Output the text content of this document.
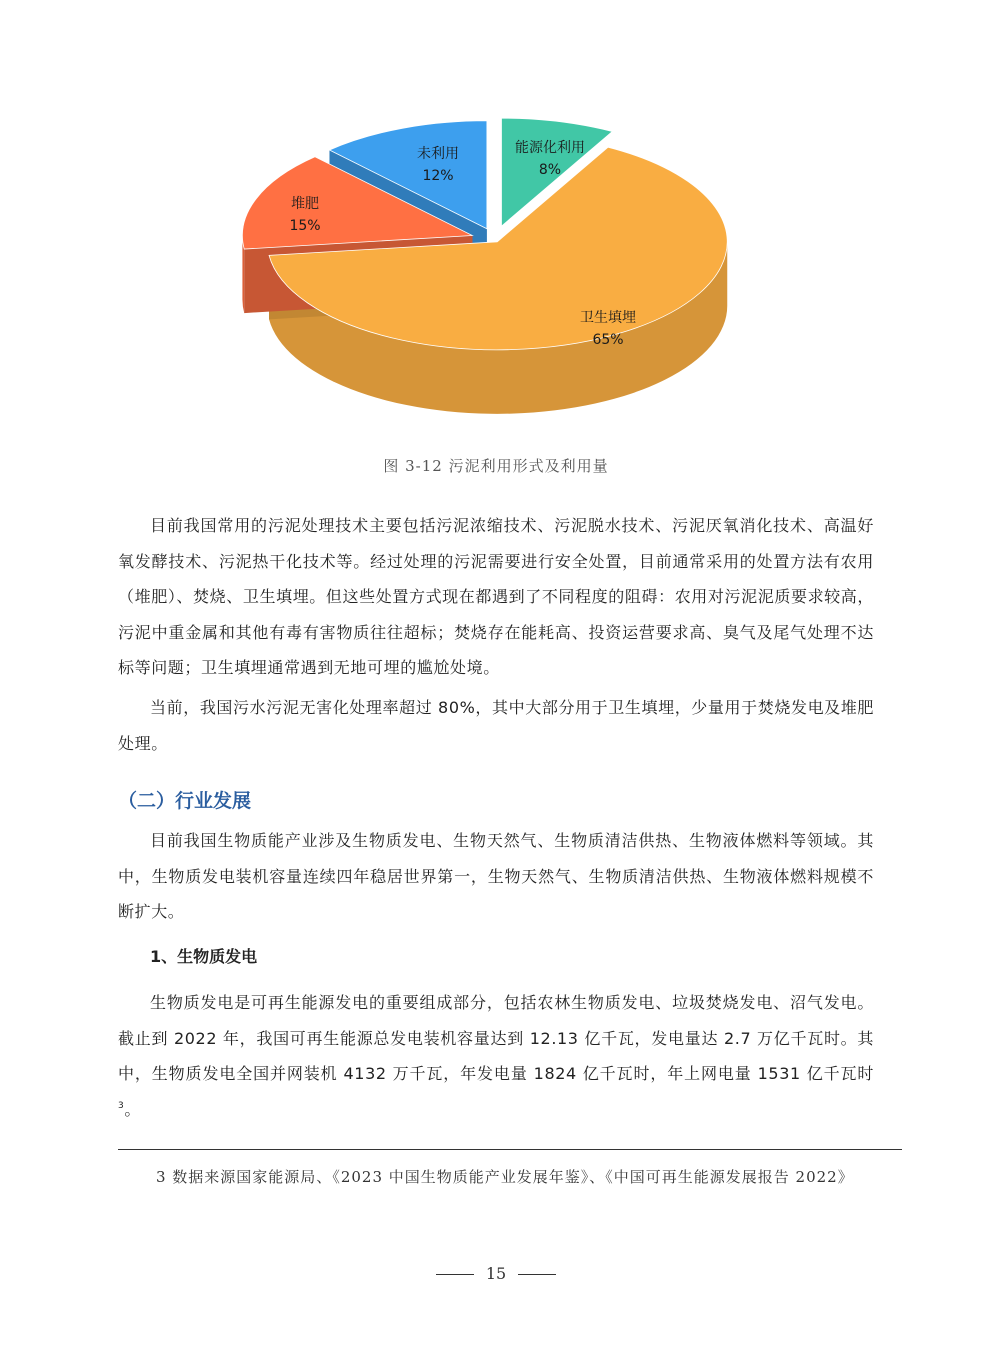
卫生填埋
65%
能源化利用
8%
未利用
12%
堆肥
15%
图 3-12 污泥利用形式及利用量

目前我国常用的污泥处理技术主要包括污泥浓缩技术、污泥脱水技术、污泥厌氧消化技术、高温好氧发酵技术、污泥热干化技术等。经过处理的污泥需要进行安全处置，目前通常采用的处置方法有农用（堆肥）、焚烧、卫生填埋。但这些处置方式现在都遇到了不同程度的阻碍：农用对污泥泥质要求较高，污泥中重金属和其他有毒有害物质往往超标；焚烧存在能耗高、投资运营要求高、臭气及尾气处理不达标等问题；卫生填埋通常遇到无地可埋的尴尬处境。

当前，我国污水污泥无害化处理率超过 80%，其中大部分用于卫生填埋，少量用于焚烧发电及堆肥处理。

（二）行业发展

目前我国生物质能产业涉及生物质发电、生物天然气、生物质清洁供热、生物液体燃料等领域。其中，生物质发电装机容量连续四年稳居世界第一，生物天然气、生物质清洁供热、生物液体燃料规模不断扩大。

1、生物质发电

生物质发电是可再生能源发电的重要组成部分，包括农林生物质发电、垃圾焚烧发电、沼气发电。截止到 2022 年，我国可再生能源总发电装机容量达到 12.13 亿千瓦，发电量达 2.7 万亿千瓦时。其中，生物质发电全国并网装机 4132 万千瓦，年发电量 1824 亿千瓦时，年上网电量 1531 亿千瓦时$^3$。

3 数据来源国家能源局、《2023 中国生物质能产业发展年鉴》、《中国可再生能源发展报告 2022》

15
